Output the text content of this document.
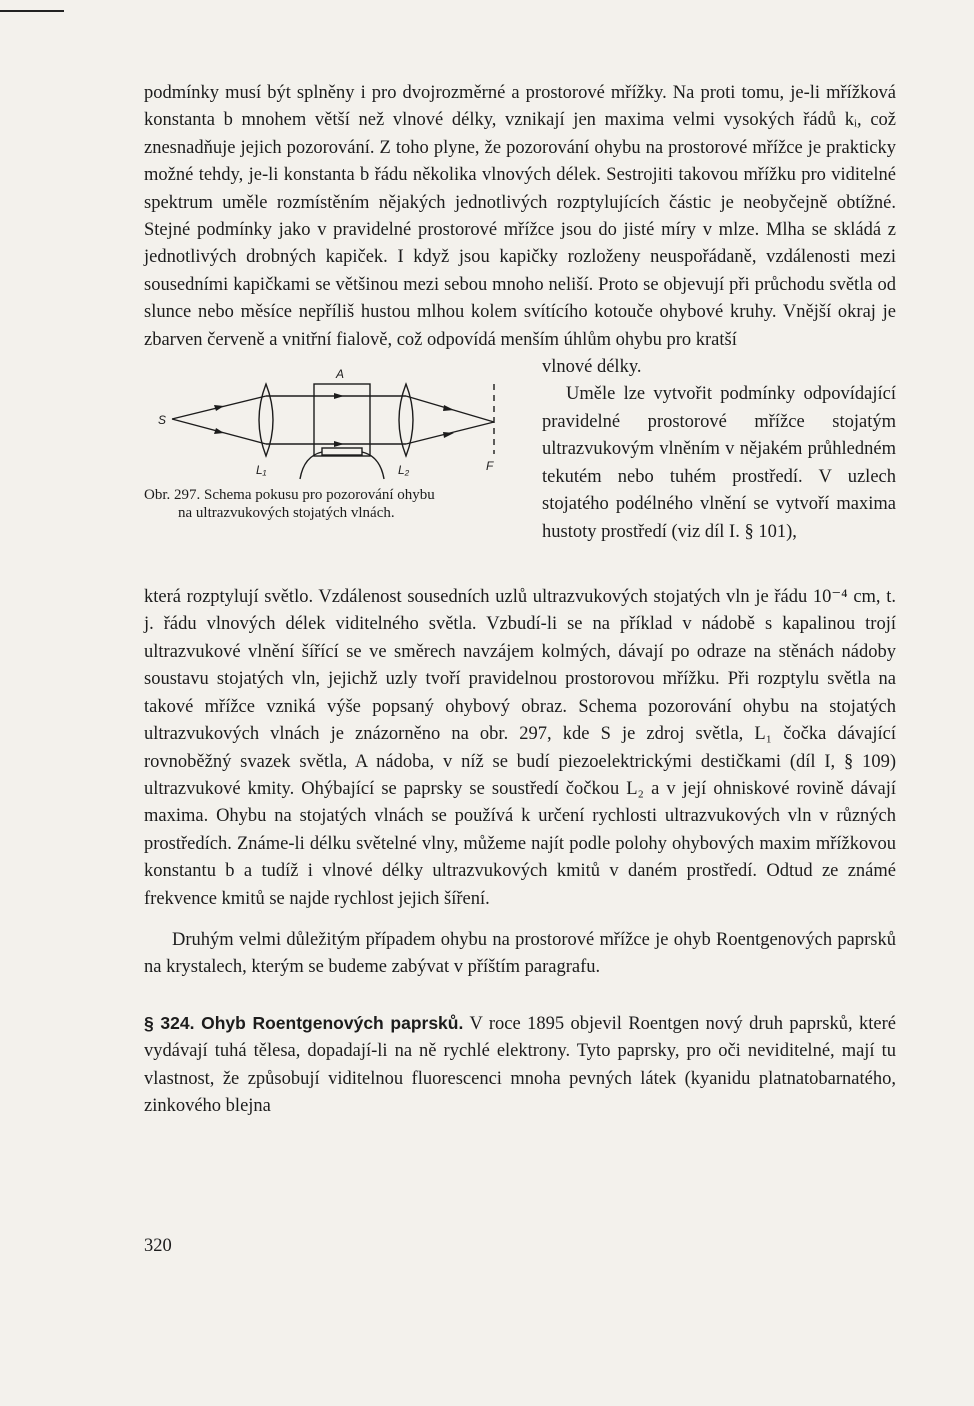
podmínky musí být splněny i pro dvojrozměrné a prostorové mřížky. Na proti tomu, je-li mřížková konstanta b mnohem větší než vlnové délky, vznikají jen maxima velmi vysokých řádů kᵢ, což znesnadňuje jejich pozorování. Z toho plyne, že pozorování ohybu na prostorové mřížce je prakticky možné tehdy, je-li konstanta b řádu několika vlnových délek. Sestrojiti takovou mřížku pro viditelné spektrum uměle rozmístěním nějakých jednotlivých rozptylujících částic je neobyčejně obtížné. Stejné podmínky jako v pravidelné prostorové mřížce jsou do jisté míry v mlze. Mlha se skládá z jednotlivých drobných kapiček. I když jsou kapičky rozloženy neuspořádaně, vzdálenosti mezi sousedními kapičkami se většinou mezi sebou mnoho neliší. Proto se objevují při průchodu světla od slunce nebo měsíce nepříliš hustou mlhou kolem svítícího kotouče ohybové kruhy. Vnější okraj je zbarven červeně a vnitřní fialově, což odpovídá menším úhlům ohybu pro kratší

S
A
L₁	L₂	F
Obr. 297. Schema pokusu pro pozorování ohybu
na ultrazvukových stojatých vlnách.

vlnové délky.

Uměle lze vytvořit podmínky odpovídající pravidelné prostorové mřížce stojatým ultrazvukovým vlněním v nějakém průhledném tekutém nebo tuhém prostředí. V uzlech stojatého podélného vlnění se vytvoří maxima hustoty prostředí (viz díl I. § 101),

která rozptylují světlo. Vzdálenost sousedních uzlů ultrazvukových stojatých vln je řádu 10⁻⁴ cm, t. j. řádu vlnových délek viditelného světla. Vzbudí-li se na příklad v nádobě s kapalinou trojí ultrazvukové vlnění šířící se ve směrech navzájem kolmých, dávají po odraze na stěnách nádoby soustavu stojatých vln, jejichž uzly tvoří pravidelnou prostorovou mřížku. Při rozptylu světla na takové mřížce vzniká výše popsaný ohybový obraz. Schema pozorování ohybu na stojatých ultrazvukových vlnách je znázorněno na obr. 297, kde S je zdroj světla, L₁ čočka dávající rovnoběžný svazek světla, A nádoba, v níž se budí piezoelektrickými destičkami (díl I, § 109) ultrazvukové kmity. Ohýbající se paprsky se soustředí čočkou L₂ a v její ohniskové rovině dávají maxima. Ohybu na stojatých vlnách se používá k určení rychlosti ultrazvukových vln v různých prostředích. Známe-li délku světelné vlny, můžeme najít podle polohy ohybových maxim mřížkovou konstantu b a tudíž i vlnové délky ultrazvukových kmitů v daném prostředí. Odtud ze známé frekvence kmitů se najde rychlost jejich šíření.

Druhým velmi důležitým případem ohybu na prostorové mřížce je ohyb Roentgenových paprsků na krystalech, kterým se budeme zabývat v příštím paragrafu.

§ 324. Ohyb Roentgenových paprsků. V roce 1895 objevil Roentgen nový druh paprsků, které vydávají tuhá tělesa, dopadají-li na ně rychlé elektrony. Tyto paprsky, pro oči neviditelné, mají tu vlastnost, že způsobují viditelnou fluorescenci mnoha pevných látek (kyanidu platnatobarnatého, zinkového blejna

320
